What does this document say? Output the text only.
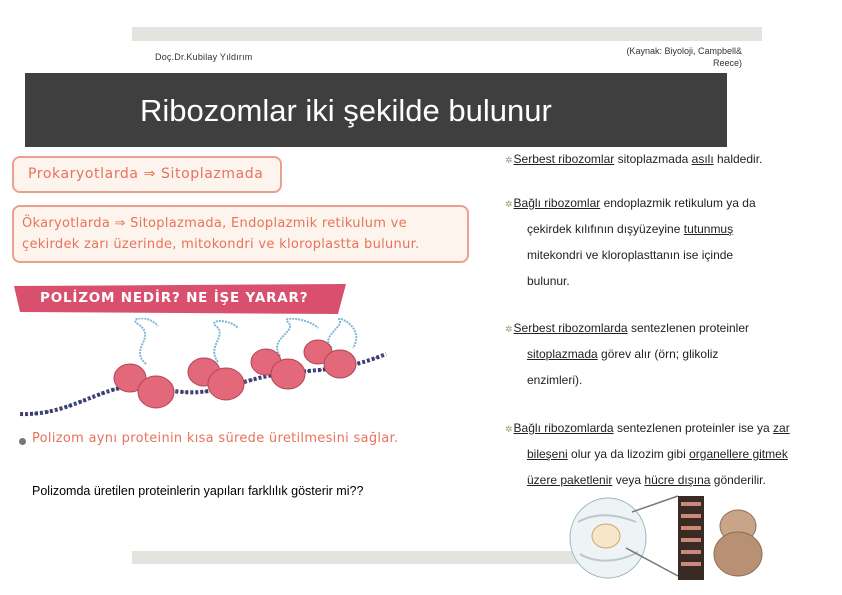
Doç.Dr.Kubilay Yıldırım
(Kaynak: Biyoloji, Campbell&
Reece)
Ribozomlar iki şekilde bulunur
Prokaryotlarda ⇒ Sitoplazmada
Ökaryotlarda ⇒ Sitoplazmada, Endoplazmik retikulum ve
çekirdek zarı üzerinde, mitokondri ve kloroplastta bulunur.
POLİZOM NEDİR? NE İŞE YARAR?
Polizom aynı proteinin kısa sürede üretilmesini sağlar.
Polizomda üretilen proteinlerin yapıları farklılık gösterir mi??
✲Serbest ribozomlar sitoplazmada asılı haldedir.
✲Bağlı ribozomlar endoplazmik retikulum ya da
çekirdek kılıfının dışyüzeyine tutunmuş
mitekondri ve kloroplasttanın ise içinde
bulunur.
✲Serbest ribozomlarda sentezlenen proteinler
sitoplazmada görev alır (örn; glikoliz
enzimleri).
✲Bağlı ribozomlarda sentezlenen proteinler ise ya zar
bileşeni olur ya da lizozim gibi organellere gitmek
üzere paketlenir veya hücre dışına gönderilir.
